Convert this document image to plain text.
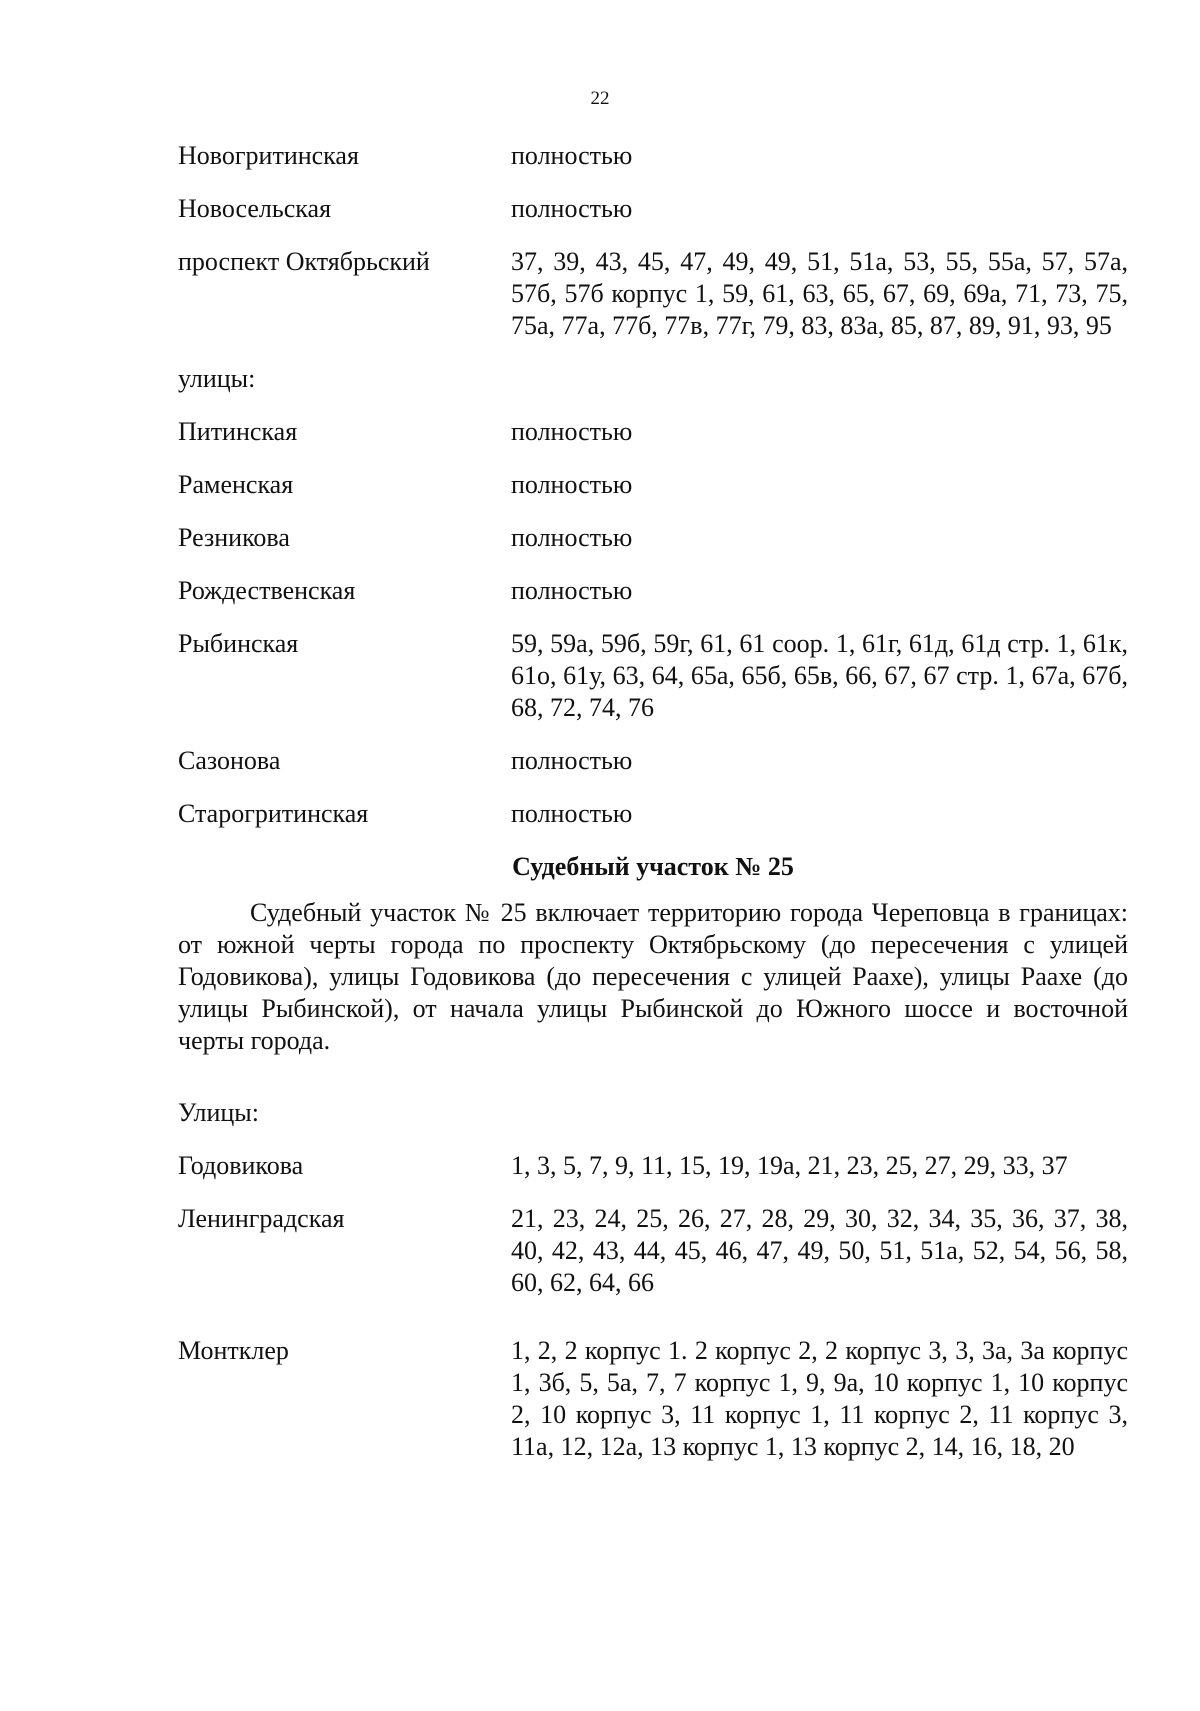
22
Новогритинская	полностью
Новосельская	полностью
проспект Октябрьский	37, 39, 43, 45, 47, 49, 49, 51, 51а, 53, 55, 55а, 57, 57а, 57б, 57б корпус 1, 59, 61, 63, 65, 67, 69, 69а, 71, 73, 75, 75а, 77а, 77б, 77в, 77г, 79, 83, 83а, 85, 87, 89, 91, 93, 95
улицы:
Питинская	полностью
Раменская	полностью
Резникова	полностью
Рождественская	полностью
Рыбинская	59, 59а, 59б, 59г, 61, 61 соор. 1, 61г, 61д, 61д стр. 1, 61к, 61о, 61у, 63, 64, 65а, 65б, 65в, 66, 67, 67 стр. 1, 67а, 67б, 68, 72, 74, 76
Сазонова	полностью
Старогритинская	полностью
Судебный участок № 25

Судебный участок № 25 включает территорию города Череповца в границах: от южной черты города по проспекту Октябрьскому (до пересечения с улицей Годовикова), улицы Годовикова (до пересечения с улицей Раахе), улицы Раахе (до улицы Рыбинской), от начала улицы Рыбинской до Южного шоссе и восточной черты города.

Улицы:
Годовикова	1, 3, 5, 7, 9, 11, 15, 19, 19а, 21, 23, 25, 27, 29, 33, 37
Ленинградская	21, 23, 24, 25, 26, 27, 28, 29, 30, 32, 34, 35, 36, 37, 38, 40, 42, 43, 44, 45, 46, 47, 49, 50, 51, 51а, 52, 54, 56, 58, 60, 62, 64, 66
Монтклер	1, 2, 2 корпус 1. 2 корпус 2, 2 корпус 3, 3, 3а, 3а корпус 1, 3б, 5, 5а, 7, 7 корпус 1, 9, 9а, 10 корпус 1, 10 корпус 2, 10 корпус 3, 11 корпус 1, 11 корпус 2, 11 корпус 3, 11а, 12, 12а, 13 корпус 1, 13 корпус 2, 14, 16, 18, 20
